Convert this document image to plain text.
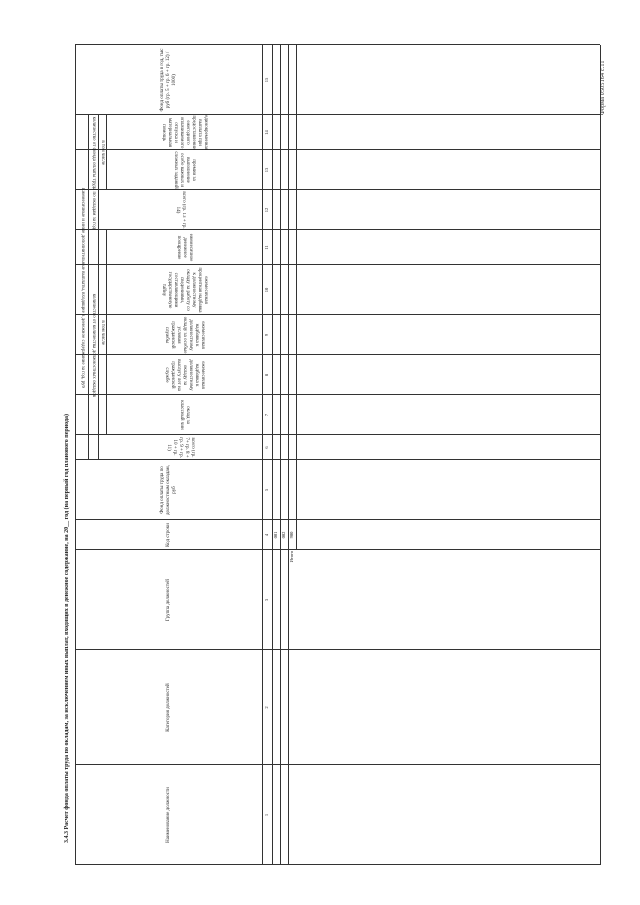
Форма 0505164 с.11
3.4.3 Расчет фонда оплаты труда по окладам, за исключением иных выплат, входящих в денежное содержание, на 20__ год (на первый год планового периода)	Наименование должности
Категория должностей
Группа должностей
Код строки
Фонд оплаты труда по должностным окладам, руб
Ежемесячные и иные дополнительные выплаты, входящие в денежное содержание за год, руб количество от количества должностных окладов в том числе
количество от фонда оплаты труда по окладам за год в том числе
всего (гр. 7+ гр. 8 + гр. 9 + гр. 10 + гр. 11)
оклад за классный чин
ежемесячная надбавка к должностному окладу за выслугу лет на гражданской службе
ежемесячная надбавка к должностному окладу за особые условия гражданской службы
ежемесячная процентная надбавка к должностному окладу за работу со сведениями, составляющими государственную тайну
ежемесячное денежное поощрение
всего (гр. 13 + гр. 14)
премии за выполнение особо важных и сложных заданий
единовременная выплата при предоставлении ежегодного оплачиваемого отпуска и материальная помощь
Фонд оплаты труда в год, тыс руб (гр. 5 + гр. 6 + гр. 12) / 1000)
1
2
3
4
5
6
7
8
9
10
11
12
13
14
15
001 002
Итого
900
